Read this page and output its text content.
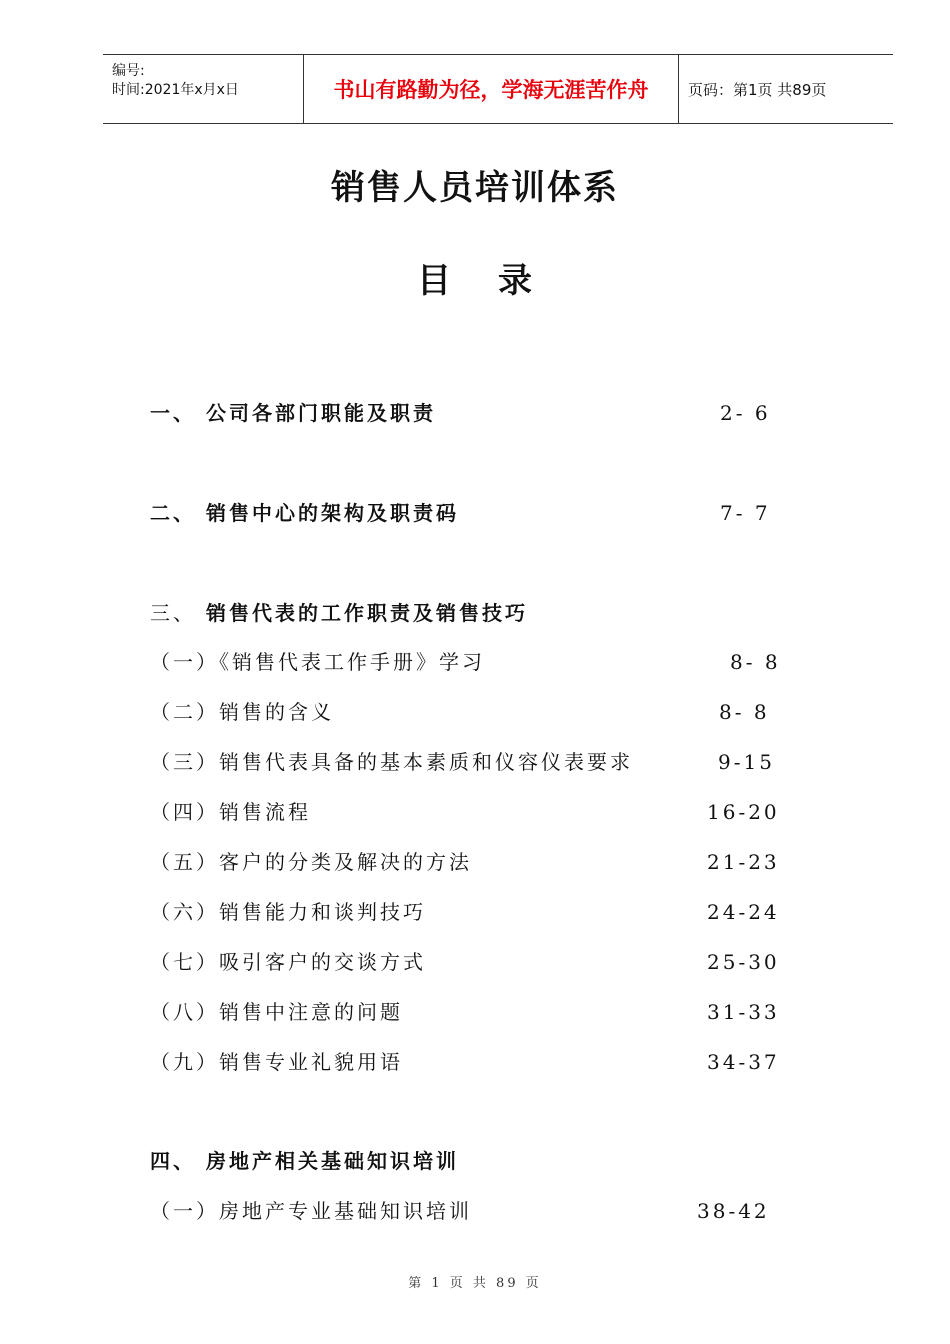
编号:
时间:2021年x月x日	书山有路勤为径，学海无涯苦作舟	页码：第1页 共89页
销售人员培训体系
目 录
一、 公司各部门职能及职责	2- 6
二、 销售中心的架构及职责码	7- 7
三、 销售代表的工作职责及销售技巧
（一）《销售代表工作手册》学习	8- 8
（二）销售的含义	8- 8
（三）销售代表具备的基本素质和仪容仪表要求	9-15
（四）销售流程	16-20
（五）客户的分类及解决的方法	21-23
（六）销售能力和谈判技巧	24-24
（七）吸引客户的交谈方式	25-30
（八）销售中注意的问题	31-33
（九）销售专业礼貌用语	34-37
四、 房地产相关基础知识培训
（一）房地产专业基础知识培训	38-42
第 1 页 共 89 页
